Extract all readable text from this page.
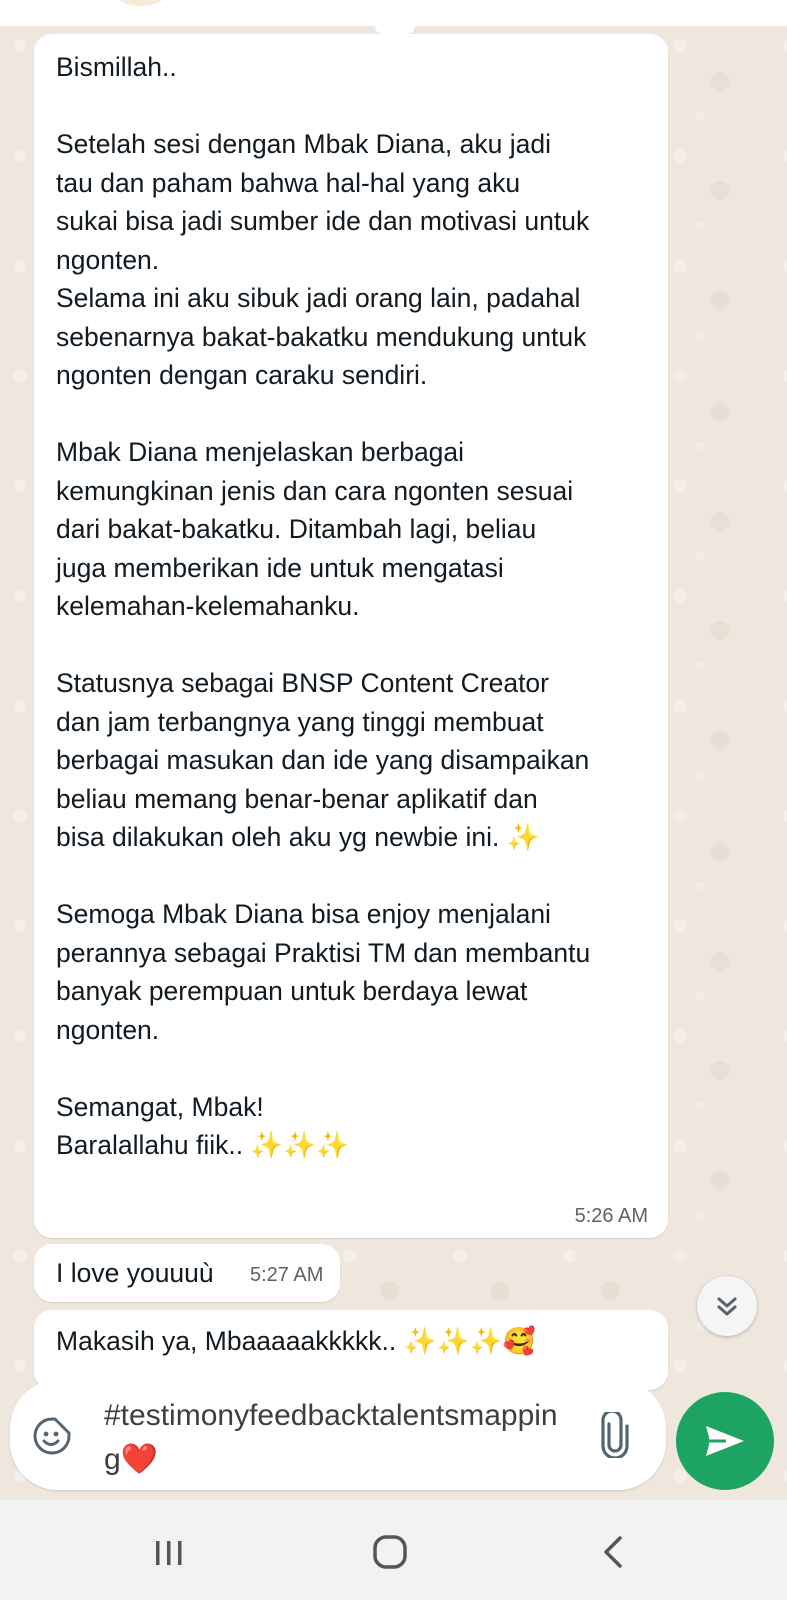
Bismillah..

Setelah sesi dengan Mbak Diana, aku jadi
tau dan paham bahwa hal-hal yang aku
sukai bisa jadi sumber ide dan motivasi untuk
ngonten.
Selama ini aku sibuk jadi orang lain, padahal
sebenarnya bakat-bakatku mendukung untuk
ngonten dengan caraku sendiri.

Mbak Diana menjelaskan berbagai
kemungkinan jenis dan cara ngonten sesuai
dari bakat-bakatku. Ditambah lagi, beliau
juga memberikan ide untuk mengatasi
kelemahan-kelemahanku.

Statusnya sebagai BNSP Content Creator
dan jam terbangnya yang tinggi membuat
berbagai masukan dan ide yang disampaikan
beliau memang benar-benar aplikatif dan
bisa dilakukan oleh aku yg newbie ini. ✨

Semoga Mbak Diana bisa enjoy menjalani
perannya sebagai Praktisi TM dan membantu
banyak perempuan untuk berdaya lewat
ngonten.

Semangat, Mbak!
Baralallahu fiik.. ✨✨✨
5:26 AM
I love youuuù 5:27 AM
Makasih ya, Mbaaaaakkkkk.. ✨✨✨🥰
#testimonyfeedbacktalentsmapping❤️
